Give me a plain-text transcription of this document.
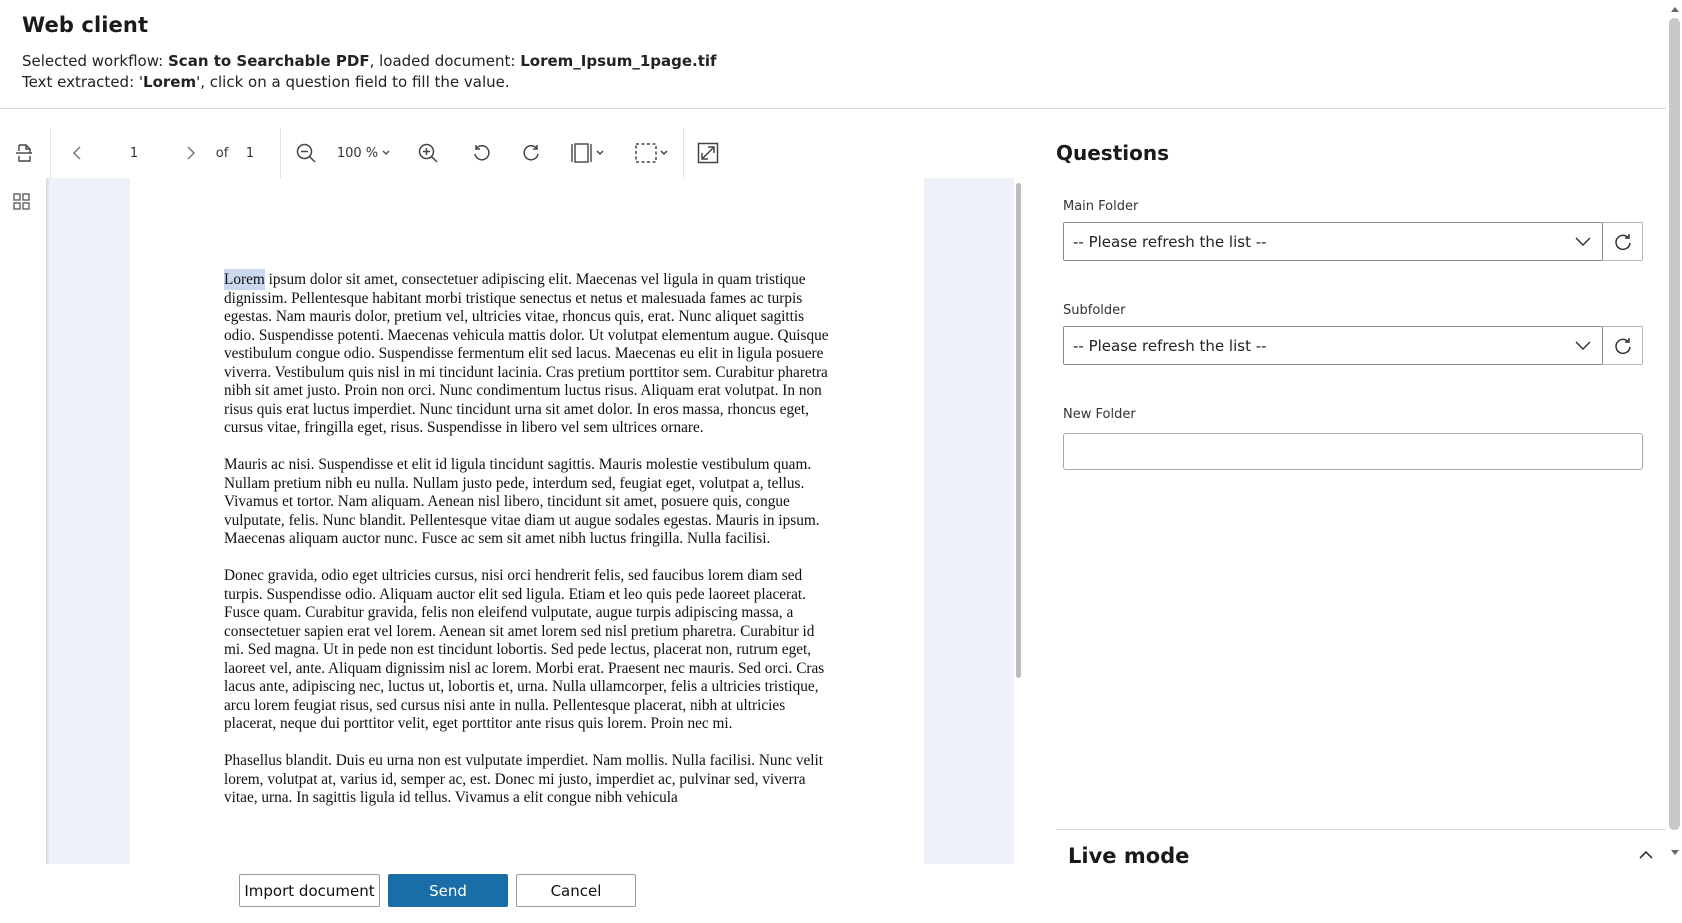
Web client
Selected workflow: Scan to Searchable PDF, loaded document: Lorem_Ipsum_1page.tif
Text extracted: 'Lorem', click on a question field to fill the value.
1	of	1	100 %

Lorem ipsum dolor sit amet, consectetuer adipiscing elit. Maecenas vel ligula in quam tristique dignissim. Pellentesque habitant morbi tristique senectus et netus et malesuada fames ac turpis egestas. Nam mauris dolor, pretium vel, ultricies vitae, rhoncus quis, erat. Nunc aliquet sagittis odio. Suspendisse potenti. Maecenas vehicula mattis dolor. Ut volutpat elementum augue. Quisque vestibulum congue odio. Suspendisse fermentum elit sed lacus. Maecenas eu elit in ligula posuere viverra. Vestibulum quis nisl in mi tincidunt lacinia. Cras pretium porttitor sem. Curabitur pharetra nibh sit amet justo. Proin non orci. Nunc condimentum luctus risus. Aliquam erat volutpat. In non risus quis erat luctus imperdiet. Nunc tincidunt urna sit amet dolor. In eros massa, rhoncus eget, cursus vitae, fringilla eget, risus. Suspendisse in libero vel sem ultrices ornare.

Mauris ac nisi. Suspendisse et elit id ligula tincidunt sagittis. Mauris molestie vestibulum quam. Nullam pretium nibh eu nulla. Nullam justo pede, interdum sed, feugiat eget, volutpat a, tellus. Vivamus et tortor. Nam aliquam. Aenean nisl libero, tincidunt sit amet, posuere quis, congue vulputate, felis. Nunc blandit. Pellentesque vitae diam ut augue sodales egestas. Mauris in ipsum. Maecenas aliquam auctor nunc. Fusce ac sem sit amet nibh luctus fringilla. Nulla facilisi.

Donec gravida, odio eget ultricies cursus, nisi orci hendrerit felis, sed faucibus lorem diam sed turpis. Suspendisse odio. Aliquam auctor elit sed ligula. Etiam et leo quis pede laoreet placerat. Fusce quam. Curabitur gravida, felis non eleifend vulputate, augue turpis adipiscing massa, a consectetuer sapien erat vel lorem. Aenean sit amet lorem sed nisl pretium pharetra. Curabitur id mi. Sed magna. Ut in pede non est tincidunt lobortis. Sed pede lectus, placerat non, rutrum eget, laoreet vel, ante. Aliquam dignissim nisl ac lorem. Morbi erat. Praesent nec mauris. Sed orci. Cras lacus ante, adipiscing nec, luctus ut, lobortis et, urna. Nulla ullamcorper, felis a ultricies tristique, arcu lorem feugiat risus, sed cursus nisi ante in nulla. Pellentesque placerat, nibh at ultricies placerat, neque dui porttitor velit, eget porttitor ante risus quis lorem. Proin nec mi.

Phasellus blandit. Duis eu urna non est vulputate imperdiet. Nam mollis. Nulla facilisi. Nunc velit lorem, volutpat at, varius id, semper ac, est. Donec mi justo, imperdiet ac, pulvinar sed, viverra vitae, urna. In sagittis ligula id tellus. Vivamus a elit congue nibh vehicula

Import document	Send	Cancel
Questions
Main Folder
-- Please refresh the list --
Subfolder
-- Please refresh the list --
New Folder
Live mode
